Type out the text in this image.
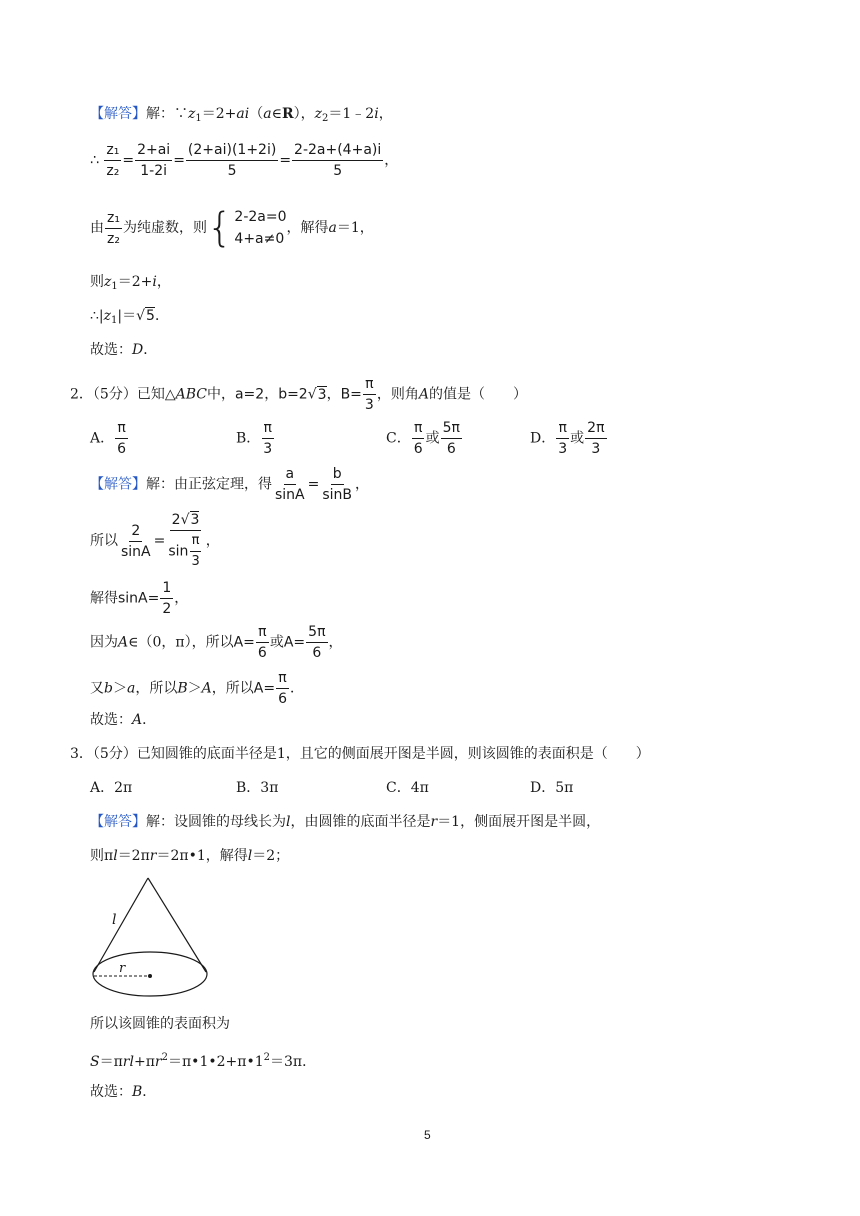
【解答】解：$\because z_1=2+ai(a\in R)$，$z_2=1﹣2i$，
∴ $\frac{\text{z₁}}{\text{z₂}} = \frac{2+ai}{1-2i} = \frac{(2+ai)(1+2i)}{5} = \frac{2-2a+(4+a)i}{5}$ ，
由 $\frac{\text{z₁}}{\text{z₂}}$ 为纯虚数，则{ 2-2a=0
4+a≠0
，解得a＝1，
则$z_1=2+i$，
$\therefore|z_1|=√5$．
故选：D．
2．（5分）已知△ABC中，a=2，b=2√3，$B= \frac{\pi}{3}$ ，则角A的值是（　　）
A． $\frac{\pi}{6}$	B． $\frac{\pi}{3}$	C． $\frac{\pi}{6}$ 或 $\frac{5\pi}{6}$	D． $\frac{\pi}{3}$ 或 $\frac{2\pi}{3}$
【解答】解：由正弦定理，得 $\frac{a}{\sin A} = \frac{b}{\sin B}$ ，
所以 $\frac{2}{\sin A} = \frac{2√3}{\sin \frac{\pi}{3}}$ ，
解得$\sin A= \frac{1}{2}$ ，
因为A∈（0，π），所以$A= \frac{\pi}{6}$ 或$A= \frac{5\pi}{6}$ ，
又b＞a，所以B＞A，所以$A= \frac{\pi}{6}$ ．
故选：A．
3．（5分）已知圆锥的底面半径是1，且它的侧面展开图是半圆，则该圆锥的表面积是（　　）
A．2π	B．3π	C．4π	D．5π
【解答】解：设圆锥的母线长为l，由圆锥的底面半径是r＝1，侧面展开图是半圆，
则πl＝2πr＝2π•1，解得l＝2；
l
r
所以该圆锥的表面积为
$S=\pi rl+\pi r^2=\pi•1•2+\pi•1^2=3\pi$．
故选：B．
5
